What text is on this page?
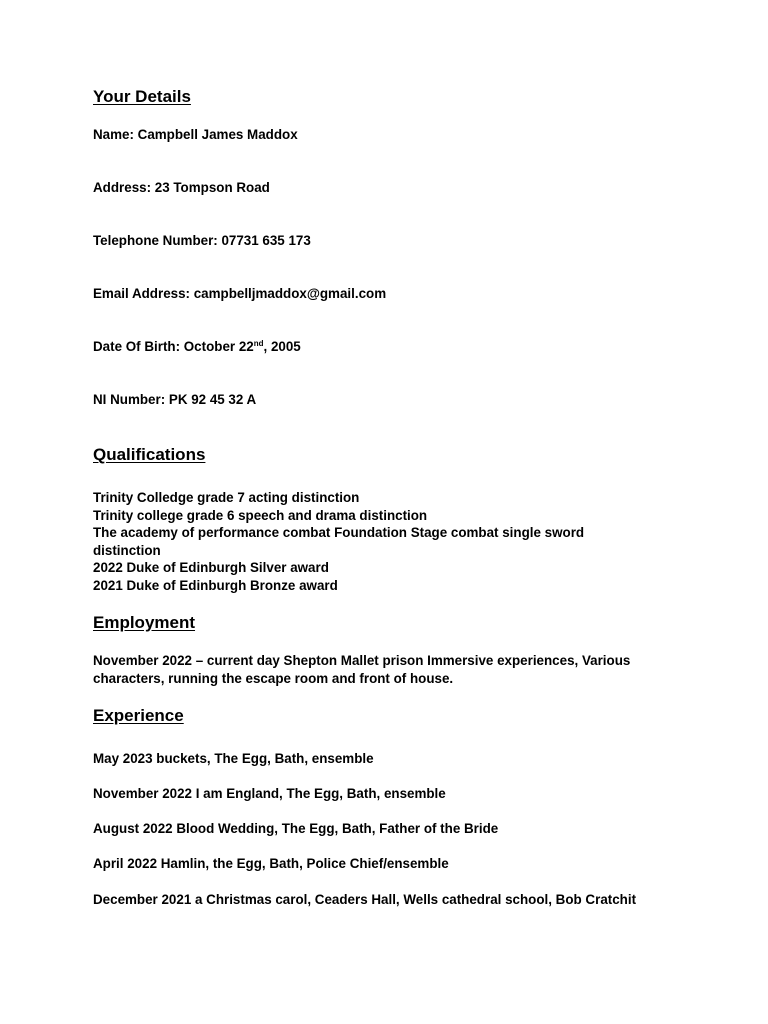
Your Details

Name: Campbell James Maddox

Address: 23 Tompson Road

Telephone Number: 07731 635 173

Email Address: campbelljmaddox@gmail.com

Date Of Birth: October 22nd, 2005

NI Number: PK 92 45 32 A

Qualifications
Trinity Colledge grade 7 acting distinction
Trinity college grade 6 speech and drama distinction
The academy of performance combat Foundation Stage combat single sword
distinction
2022 Duke of Edinburgh Silver award
2021 Duke of Edinburgh Bronze award
Employment
November 2022 – current day Shepton Mallet prison Immersive experiences, Various
characters, running the escape room and front of house.
Experience

May 2023 buckets, The Egg, Bath, ensemble

November 2022 I am England, The Egg, Bath, ensemble

August 2022 Blood Wedding, The Egg, Bath, Father of the Bride

April 2022 Hamlin, the Egg, Bath, Police Chief/ensemble

December 2021 a Christmas carol, Ceaders Hall, Wells cathedral school, Bob Cratchit
